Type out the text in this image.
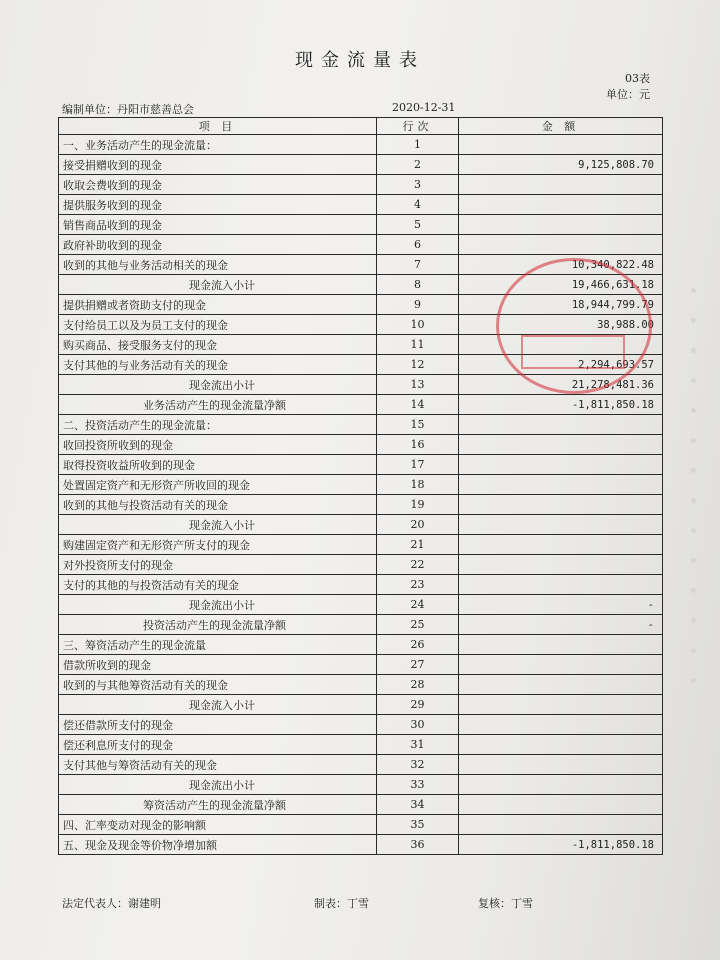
现金流量表
03表
单位：元
编制单位：丹阳市慈善总会	2020-12-31
项 目	行次	金 额
一、业务活动产生的现金流量：	1	
接受捐赠收到的现金	2	9,125,808.70
收取会费收到的现金	3	
提供服务收到的现金	4	
销售商品收到的现金	5	
政府补助收到的现金	6	
收到的其他与业务活动相关的现金	7	10,340,822.48
现金流入小计	8	19,466,631.18
提供捐赠或者资助支付的现金	9	18,944,799.79
支付给员工以及为员工支付的现金	10	38,988.00
购买商品、接受服务支付的现金	11	
支付其他的与业务活动有关的现金	12	2,294,693.57
现金流出小计	13	21,278,481.36
业务活动产生的现金流量净额	14	-1,811,850.18
二、投资活动产生的现金流量：	15	
收回投资所收到的现金	16	
取得投资收益所收到的现金	17	
处置固定资产和无形资产所收回的现金	18	
收到的其他与投资活动有关的现金	19	
现金流入小计	20	
购建固定资产和无形资产所支付的现金	21	
对外投资所支付的现金	22	
支付的其他的与投资活动有关的现金	23	
现金流出小计	24	-
投资活动产生的现金流量净额	25	-
三、筹资活动产生的现金流量	26	
借款所收到的现金	27	
收到的与其他筹资活动有关的现金	28	
现金流入小计	29	
偿还借款所支付的现金	30	
偿还利息所支付的现金	31	
支付其他与筹资活动有关的现金	32	
现金流出小计	33	
筹资活动产生的现金流量净额	34	
四、汇率变动对现金的影响额	35	
五、现金及现金等价物净增加额	36	-1,811,850.18
法定代表人：谢建明	制表：丁雪	复核：丁雪
